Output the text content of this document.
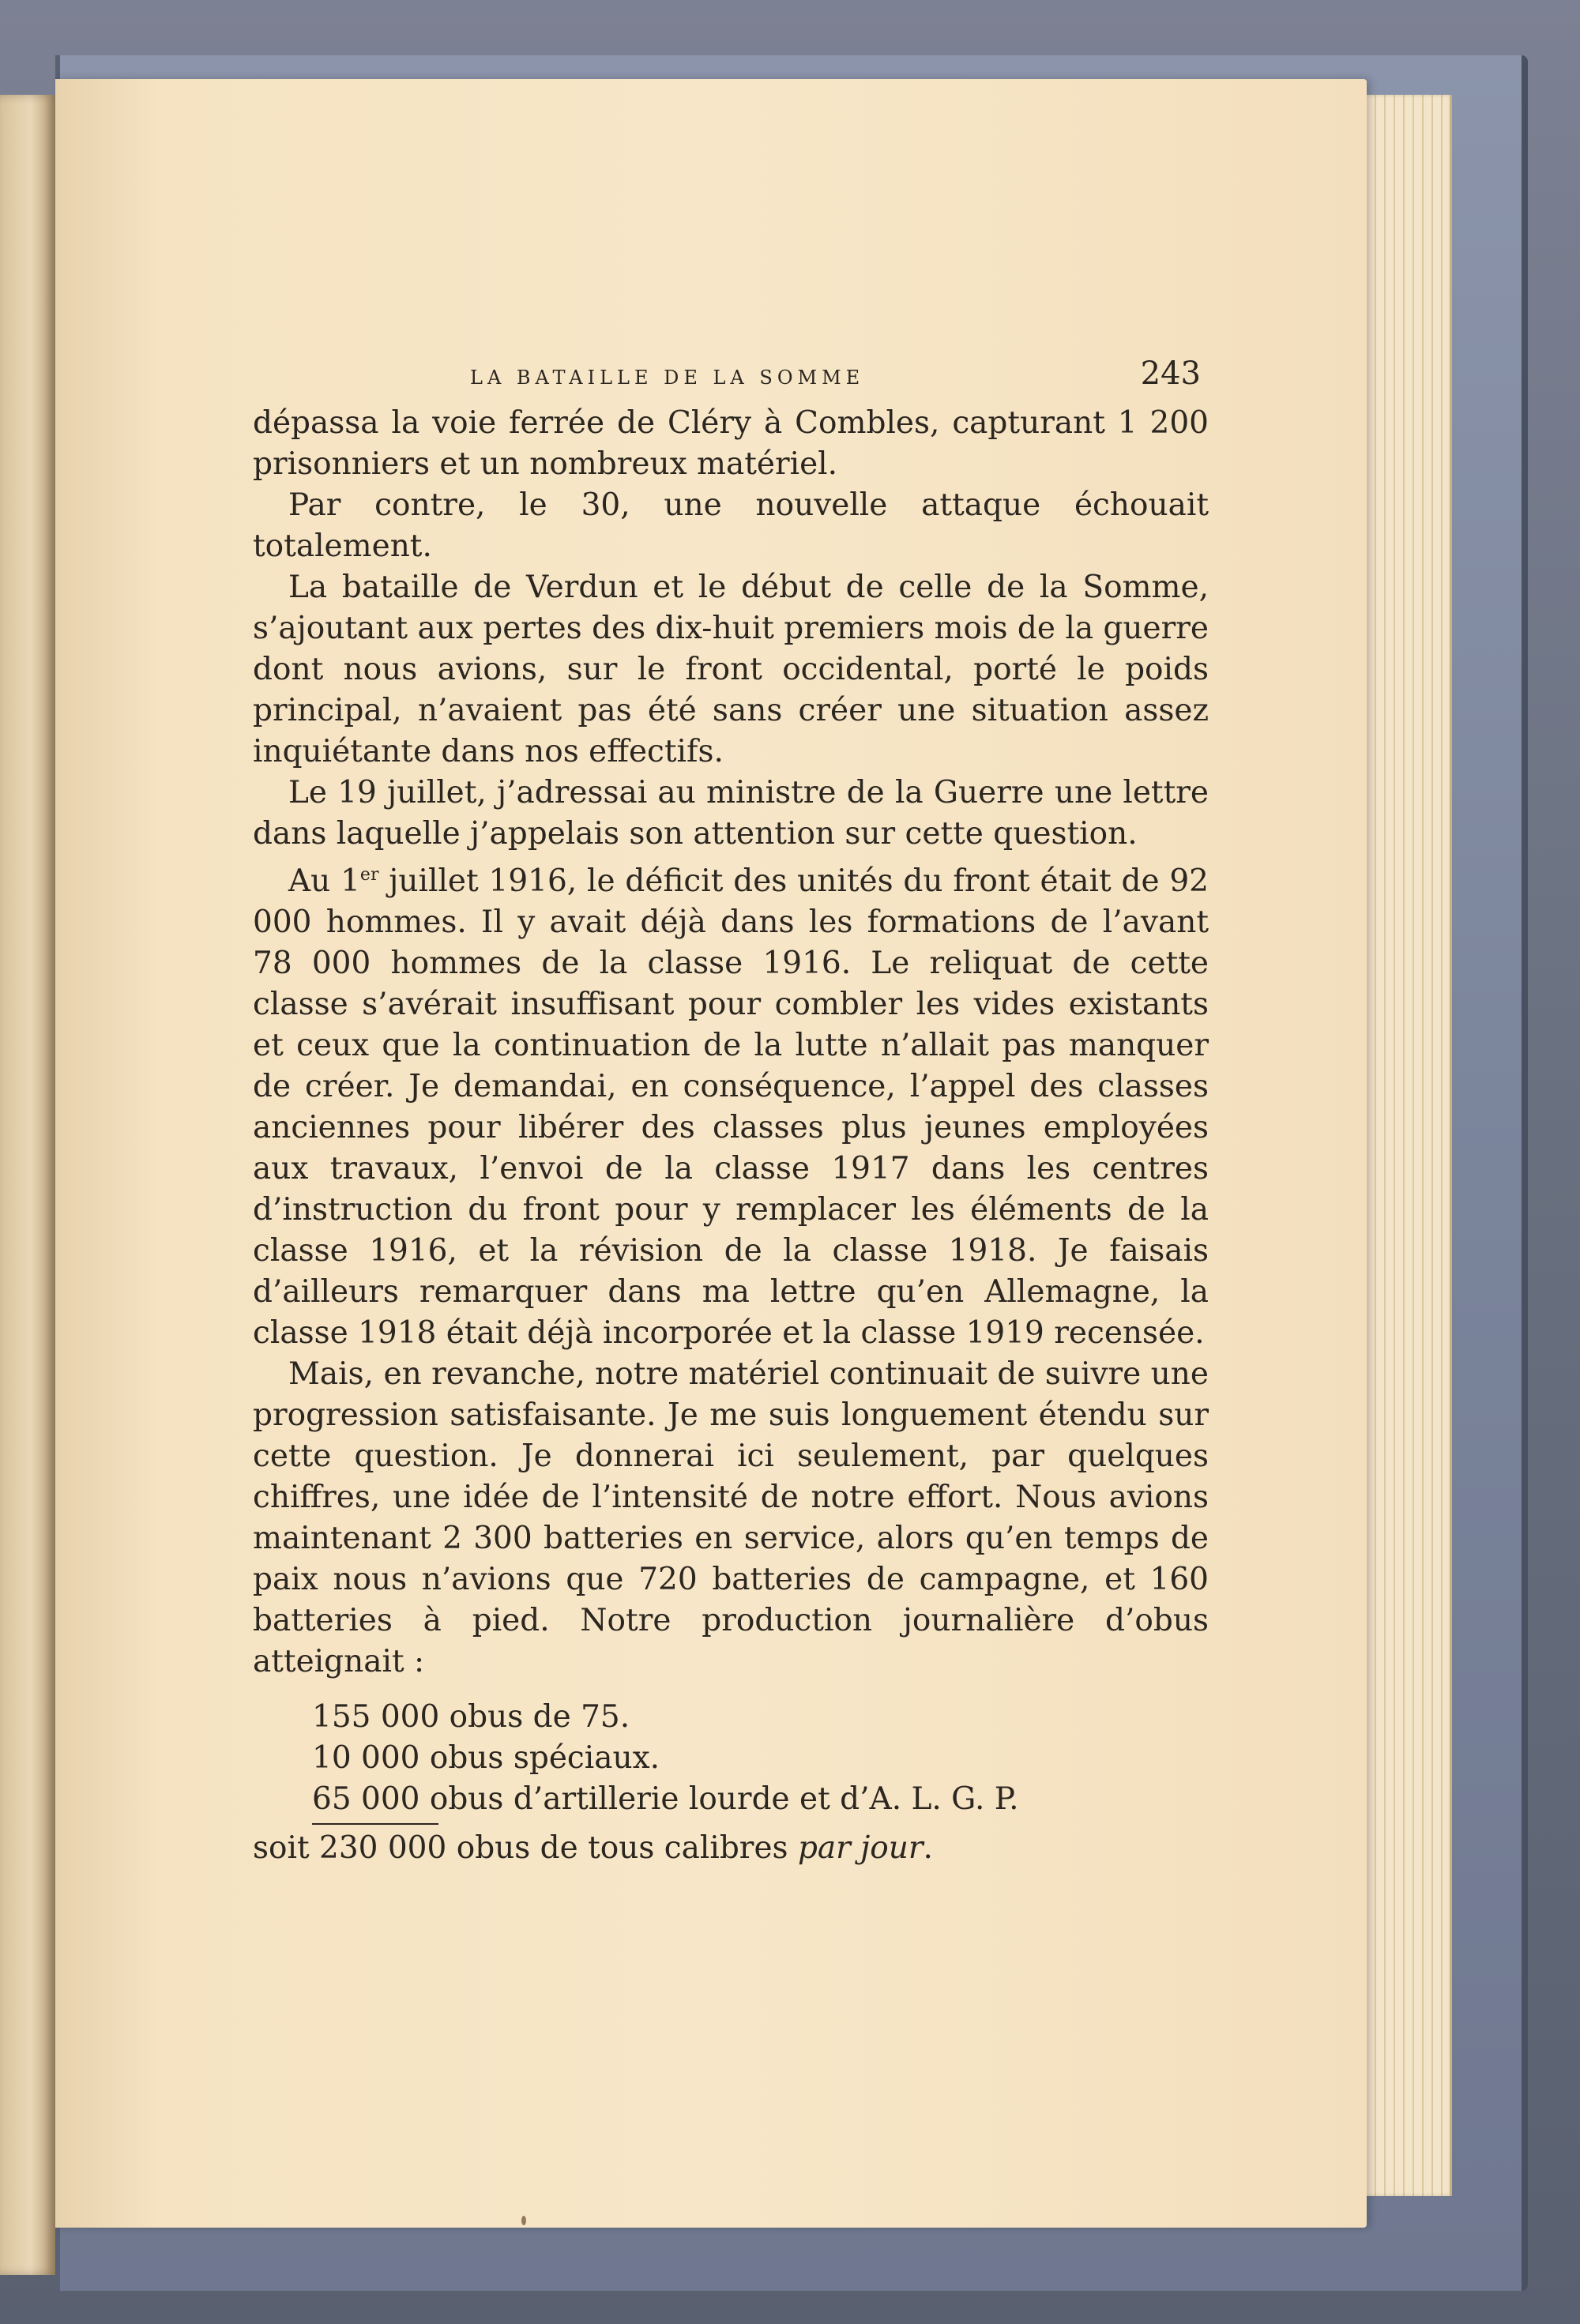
LA BATAILLE DE LA SOMME	243

dépassa la voie ferrée de Cléry à Combles, capturant 1 200 prisonniers et un nombreux matériel.

Par contre, le 30, une nouvelle attaque échouait totalement.

La bataille de Verdun et le début de celle de la Somme, s’ajoutant aux pertes des dix-huit premiers mois de la guerre dont nous avions, sur le front occidental, porté le poids principal, n’avaient pas été sans créer une situation assez inquiétante dans nos effectifs.

Le 19 juillet, j’adressai au ministre de la Guerre une lettre dans laquelle j’appelais son attention sur cette question.

Au 1er juillet 1916, le déficit des unités du front était de 92 000 hommes. Il y avait déjà dans les formations de l’avant 78 000 hommes de la classe 1916. Le reliquat de cette classe s’avérait insuffisant pour combler les vides existants et ceux que la continuation de la lutte n’allait pas manquer de créer. Je demandai, en conséquence, l’appel des classes anciennes pour libérer des classes plus jeunes employées aux travaux, l’envoi de la classe 1917 dans les centres d’instruction du front pour y remplacer les éléments de la classe 1916, et la révision de la classe 1918. Je faisais d’ailleurs remarquer dans ma lettre qu’en Allemagne, la classe 1918 était déjà incorporée et la classe 1919 recensée.

Mais, en revanche, notre matériel continuait de suivre une progression satisfaisante. Je me suis longuement étendu sur cette question. Je donnerai ici seulement, par quelques chiffres, une idée de l’intensité de notre effort. Nous avions maintenant 2 300 batteries en service, alors qu’en temps de paix nous n’avions que 720 batteries de campagne, et 160 batteries à pied. Notre production journalière d’obus atteignait :

155 000 obus de 75.
10 000 obus spéciaux.
65 000 obus d’artillerie lourde et d’A. L. G. P.
soit 230 000 obus de tous calibres par jour.
